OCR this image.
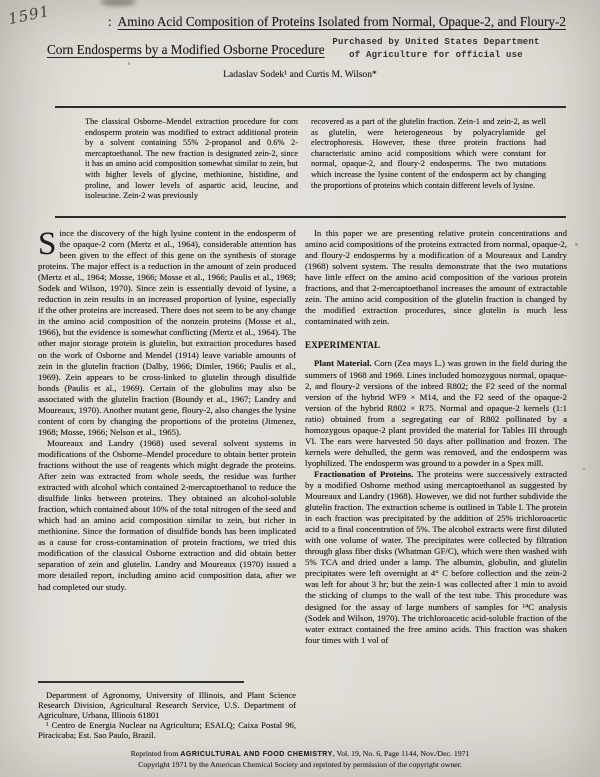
1591	: Amino Acid Composition of Proteins Isolated from Normal, Opaque-2, and Floury-2
Corn Endosperms by a Modified Osborne Procedure Purchased by United States Department
of Agriculture for official use
Ladaslav Sodek¹ and Curtis M. Wilson*

The classical Osborne–Mendel extraction procedure for corn endosperm protein was modified to extract additional protein by a solvent containing 55% 2-propanol and 0.6% 2-mercaptoethanol. The new fraction is designated zein-2, since it has an amino acid composition somewhat similar to zein, but with higher levels of glycine, methionine, histidine, and proline, and lower levels of aspartic acid, leucine, and isoleucine. Zein-2 was previously

recovered as a part of the glutelin fraction. Zein-1 and zein-2, as well as glutelin, were heterogeneous by polyacrylamide gel electrophoresis. However, these three protein fractions had characteristic amino acid compositions which were constant for normal, opaque-2, and floury-2 endosperms. The two mutations which increase the lysine content of the endosperm act by changing the proportions of proteins which contain different levels of lysine.

Since the discovery of the high lysine content in the endosperm of the opaque-2 corn (Mertz et al., 1964), considerable attention has been given to the effect of this gene on the synthesis of storage proteins. The major effect is a reduction in the amount of zein produced (Mertz et al., 1964; Mosse, 1966; Mosse et al., 1966; Paulis et al., 1969; Sodek and Wilson, 1970). Since zein is essentially devoid of lysine, a reduction in zein results in an increased proportion of lysine, especially if the other proteins are increased. There does not seem to be any change in the amino acid composition of the nonzein proteins (Mosse et al., 1966), but the evidence is somewhat conflicting (Mertz et al., 1964). The other major storage protein is glutelin, but extraction procedures based on the work of Osborne and Mendel (1914) leave variable amounts of zein in the glutelin fraction (Dalby, 1966; Dimler, 1966; Paulis et al., 1969). Zein appears to be cross-linked to glutelin through disulfide bonds (Paulis et al., 1969). Certain of the globulins may also be associated with the glutelin fraction (Boundy et al., 1967; Landry and Moureaux, 1970). Another mutant gene, floury-2, also changes the lysine content of corn by changing the proportions of the proteins (Jimenez, 1968; Mosse, 1966; Nelson et al., 1965).

Moureaux and Landry (1968) used several solvent systems in modifications of the Osborne–Mendel procedure to obtain better protein fractions without the use of reagents which might degrade the proteins. After zein was extracted from whole seeds, the residue was further extracted with alcohol which contained 2-mercaptoethanol to reduce the disulfide links between proteins. They obtained an alcohol-soluble fraction, which contained about 10% of the total nitrogen of the seed and which had an amino acid composition similar to zein, but richer in methionine. Since the formation of disulfide bonds has been implicated as a cause for cross-contamination of protein fractions, we tried this modification of the classical Osborne extraction and did obtain better separation of zein and glutelin. Landry and Moureaux (1970) issued a more detailed report, including amino acid composition data, after we had completed our study.

In this paper we are presenting relative protein concentrations and amino acid compositions of the proteins extracted from normal, opaque-2, and floury-2 endosperms by a modification of a Moureaux and Landry (1968) solvent system. The results demonstrate that the two mutations have little effect on the amino acid composition of the various protein fractions, and that 2-mercaptoethanol increases the amount of extractable zein. The amino acid composition of the glutelin fraction is changed by the modified extraction procedures, since glutelin is much less contaminated with zein.

EXPERIMENTAL

Plant Material. Corn (Zea mays L.) was grown in the field during the summers of 1968 and 1969. Lines included homozygous normal, opaque-2, and floury-2 versions of the inbred R802; the F2 seed of the normal version of the hybrid WF9 × M14, and the F2 seed of the opaque-2 version of the hybrid R802 × R75. Normal and opaque-2 kernels (1:1 ratio) obtained from a segregating ear of R802 pollinated by a homozygous opaque-2 plant provided the material for Tables III through VI. The ears were harvested 50 days after pollination and frozen. The kernels were dehulled, the germ was removed, and the endosperm was lyophilized. The endosperm was ground to a powder in a Spex mill.

Fractionation of Proteins. The proteins were successively extracted by a modified Osborne method using mercaptoethanol as suggested by Moureaux and Landry (1968). However, we did not further subdivide the glutelin fraction. The extraction scheme is outlined in Table I. The protein in each fraction was precipitated by the addition of 25% trichloroacetic acid to a final concentration of 5%. The alcohol extracts were first diluted with one volume of water. The precipitates were collected by filtration through glass fiber disks (Whatman GF/C), which were then washed with 5% TCA and dried under a lamp. The albumin, globulin, and glutelin precipitates were left overnight at 4° C before collection and the zein-2 was left for about 3 hr; but the zein-1 was collected after 1 min to avoid the sticking of clumps to the wall of the test tube. This procedure was designed for the assay of large numbers of samples for ¹⁴C analysis (Sodek and Wilson, 1970). The trichloroacetic acid-soluble fraction of the water extract contained the free amino acids. This fraction was shaken four times with 1 vol of

Department of Agronomy, University of Illinois, and Plant Science Research Division, Agricultural Research Service, U.S. Department of Agriculture, Urbana, Illinois 61801

¹ Centro de Energia Nuclear na Agricultura; ESALQ; Caixa Postal 96, Piracicaba; Est. Sao Paulo, Brazil.

Reprinted from AGRICULTURAL AND FOOD CHEMISTRY, Vol. 19, No. 6, Page 1144, Nov./Dec. 1971
Copyright 1971 by the American Chemical Society and reprinted by permission of the copyright owner.
